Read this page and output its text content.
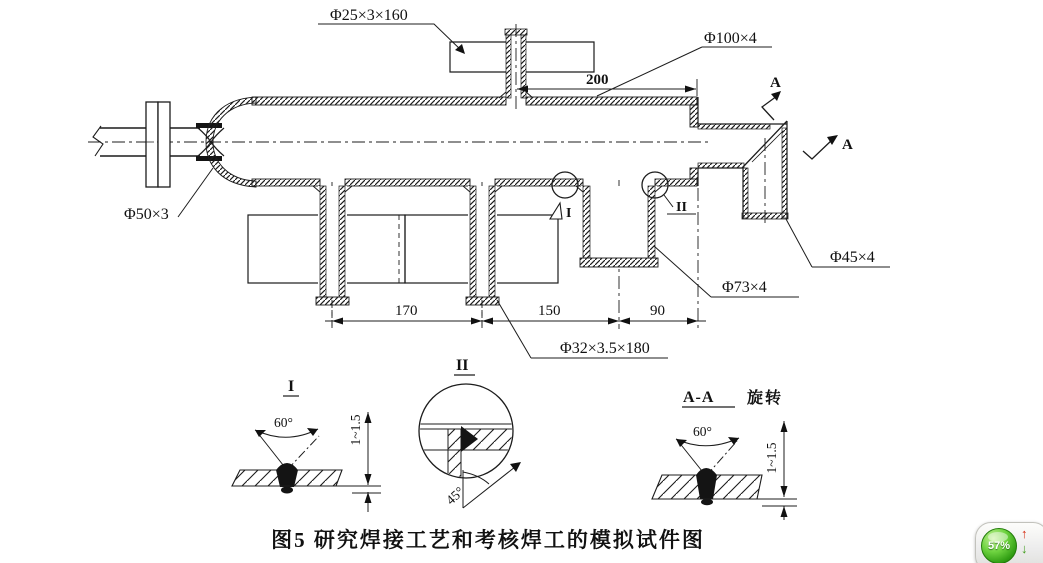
A
A
I	II
200
170	150	90
Φ25×3×160
Φ100×4
Φ50×3
Φ32×3.5×180
Φ73×4
Φ45×4
I
60°	1~1.5
II
45°
A-A 旋转
60°
1~1.5
图5 研究焊接工艺和考核焊工的模拟试件图	57%
↑
↓
